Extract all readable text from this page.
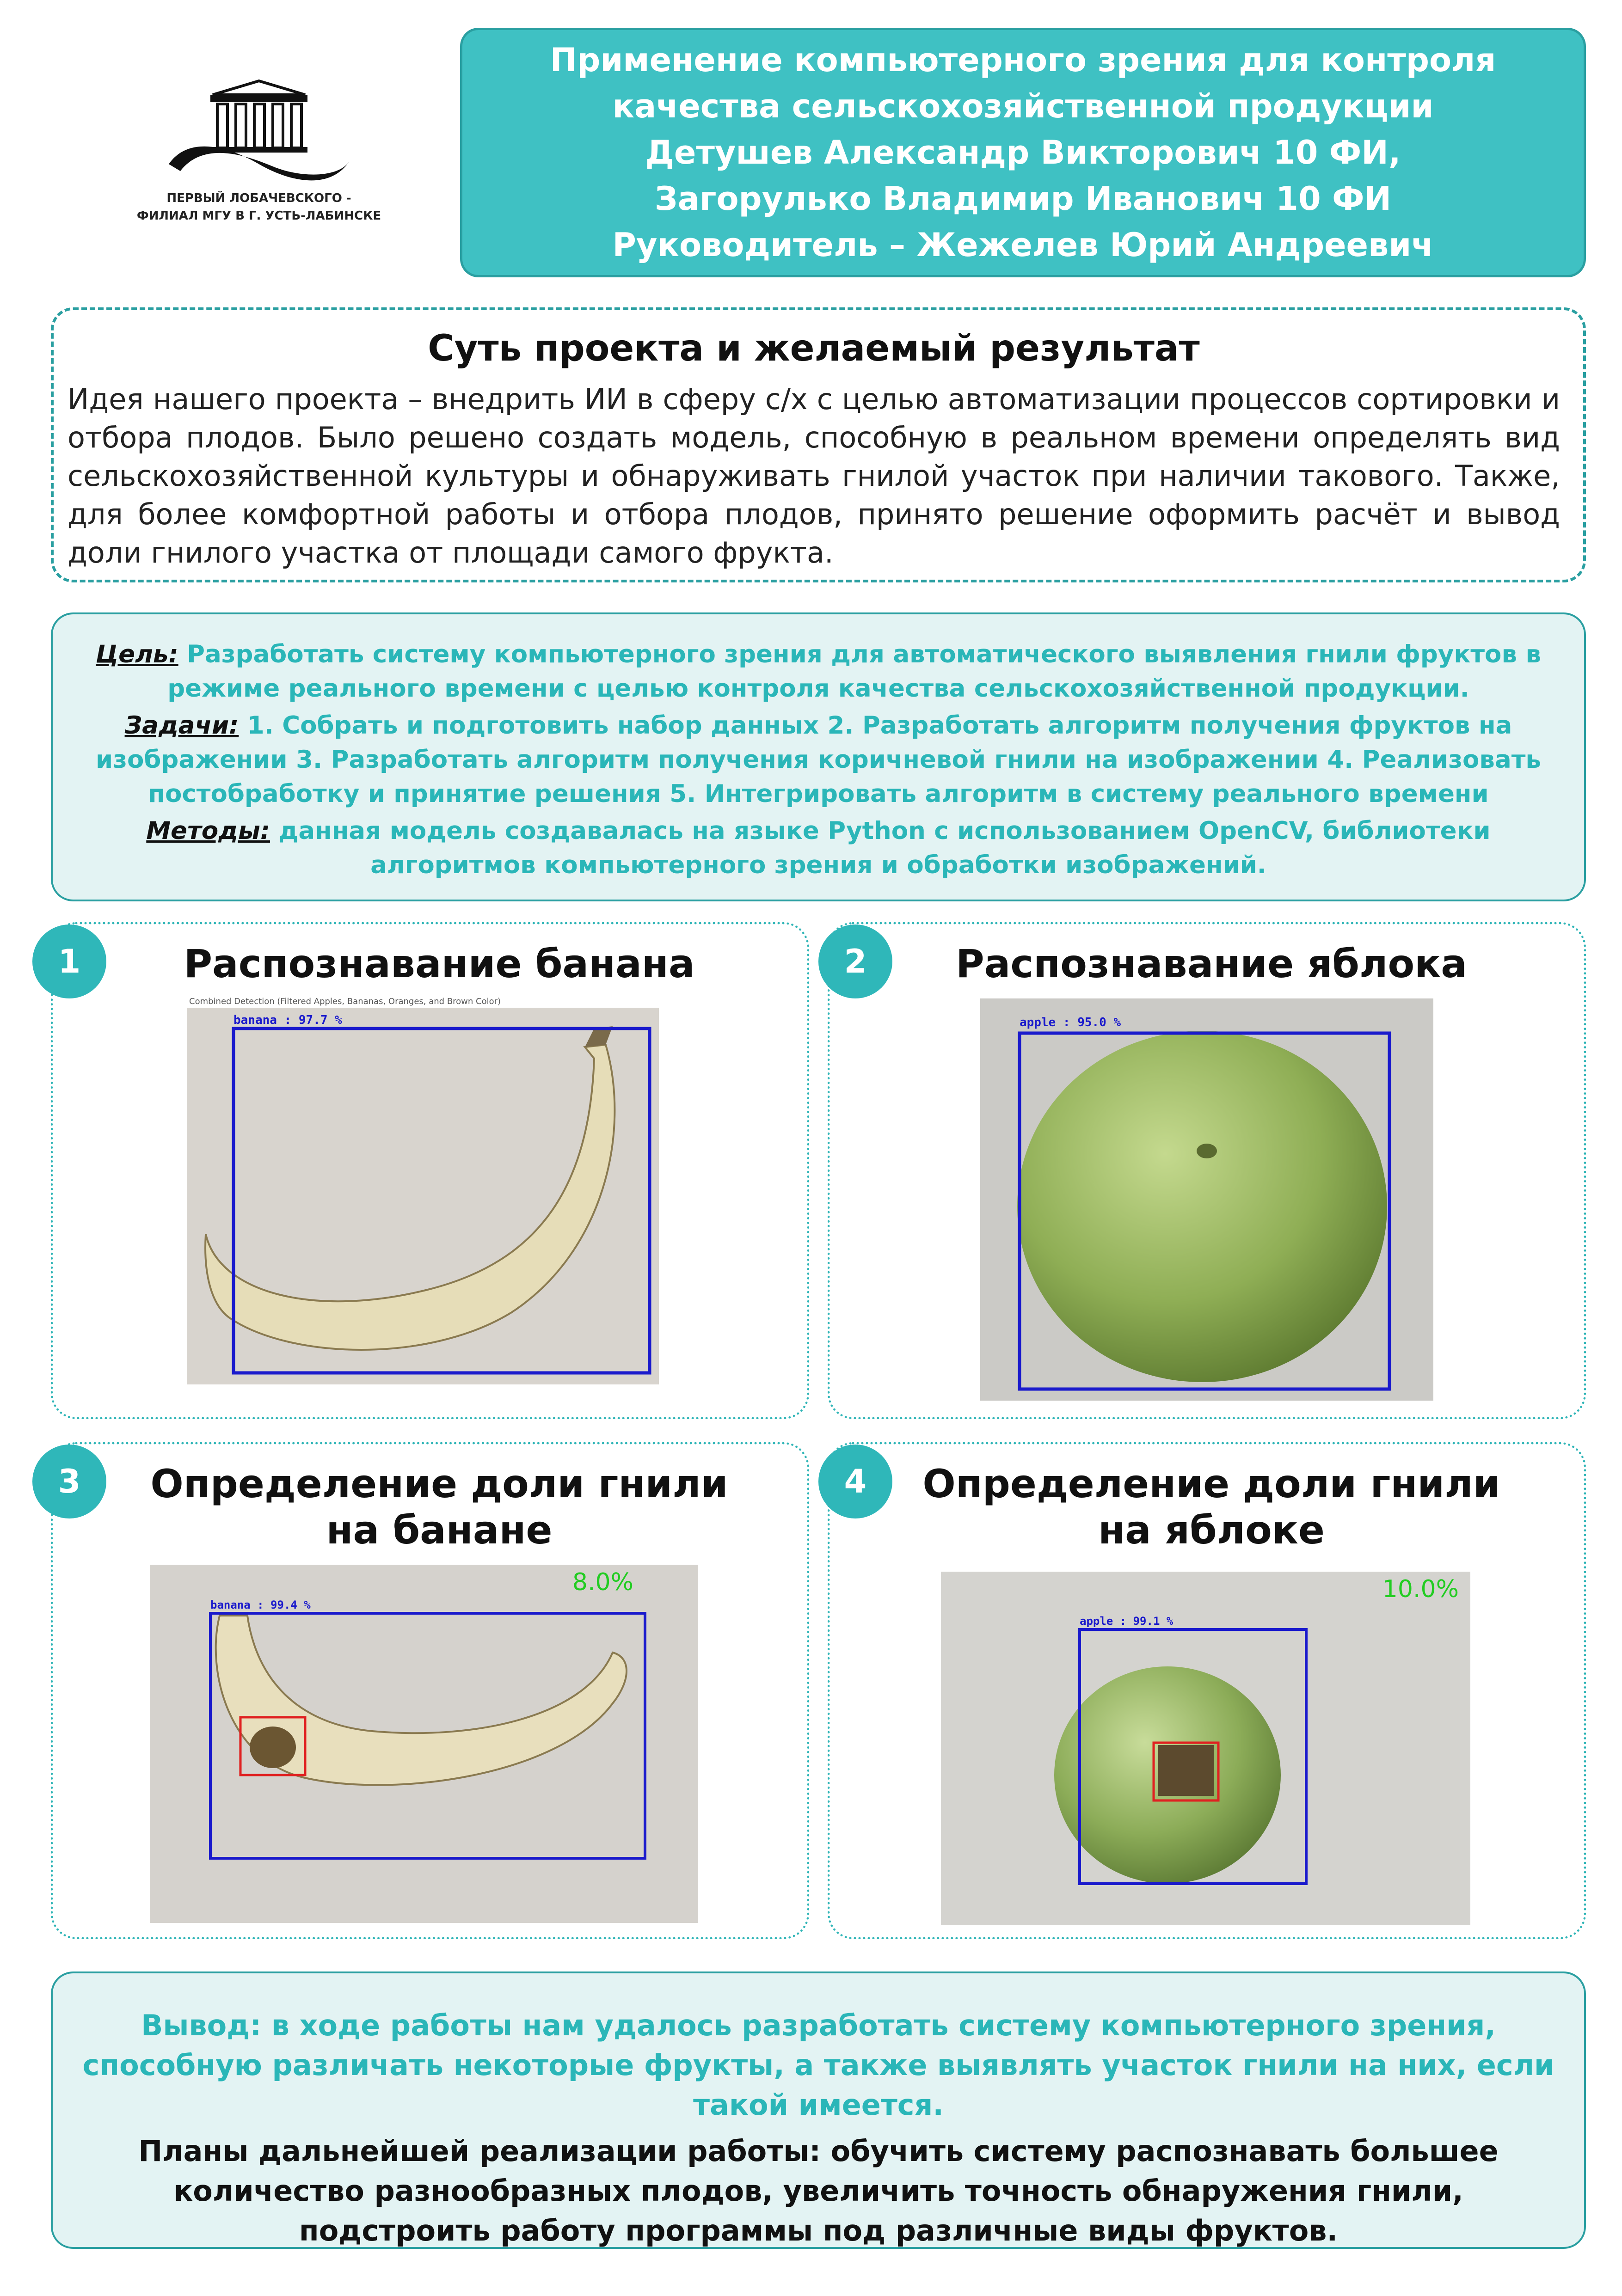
ПЕРВЫЙ ЛОБАЧЕВСКОГО -
ФИЛИАЛ МГУ В Г. УСТЬ-ЛАБИНСКЕ
Применение компьютерного зрения для контроля
качества сельскохозяйственной продукции
Детушев Александр Викторович 10 ФИ,
Загорулько Владимир Иванович 10 ФИ
Руководитель – Жежелев Юрий Андреевич
Суть проекта и желаемый результат
Идея нашего проекта – внедрить ИИ в сферу с/х с целью автоматизации процессов сортировки и отбора плодов. Было решено создать модель, способную в реальном времени определять вид сельскохозяйственной культуры и обнаруживать гнилой участок при наличии такового. Также, для более комфортной работы и отбора плодов, принято решение оформить расчёт и вывод доли гнилого участка от площади самого фрукта.

Цель: Разработать систему компьютерного зрения для автоматического выявления гнили фруктов в режиме реального времени с целью контроля качества сельскохозяйственной продукции.

Задачи: 1. Собрать и подготовить набор данных 2. Разработать алгоритм получения фруктов на изображении 3. Разработать алгоритм получения коричневой гнили на изображении 4. Реализовать постобработку и принятие решения 5. Интегрировать алгоритм в систему реального времени

Методы: данная модель создавалась на языке Python с использованием OpenCV, библиотеки алгоритмов компьютерного зрения и обработки изображений.

1	Распознавание банана
Combined Detection (Filtered Apples, Bananas, Oranges, and Brown Color)
banana : 97.7 %
2	Распознавание яблока
apple : 95.0 %
3	Определение доли гнили
на банане
banana : 99.4 %
8.0%
4	Определение доли гнили
на яблоке
apple : 99.1 %
10.0%

Вывод: в ходе работы нам удалось разработать систему компьютерного зрения, способную различать некоторые фрукты, а также выявлять участок гнили на них, если такой имеется.

Планы дальнейшей реализации работы: обучить систему распознавать большее количество разнообразных плодов, увеличить точность обнаружения гнили, подстроить работу программы под различные виды фруктов.
